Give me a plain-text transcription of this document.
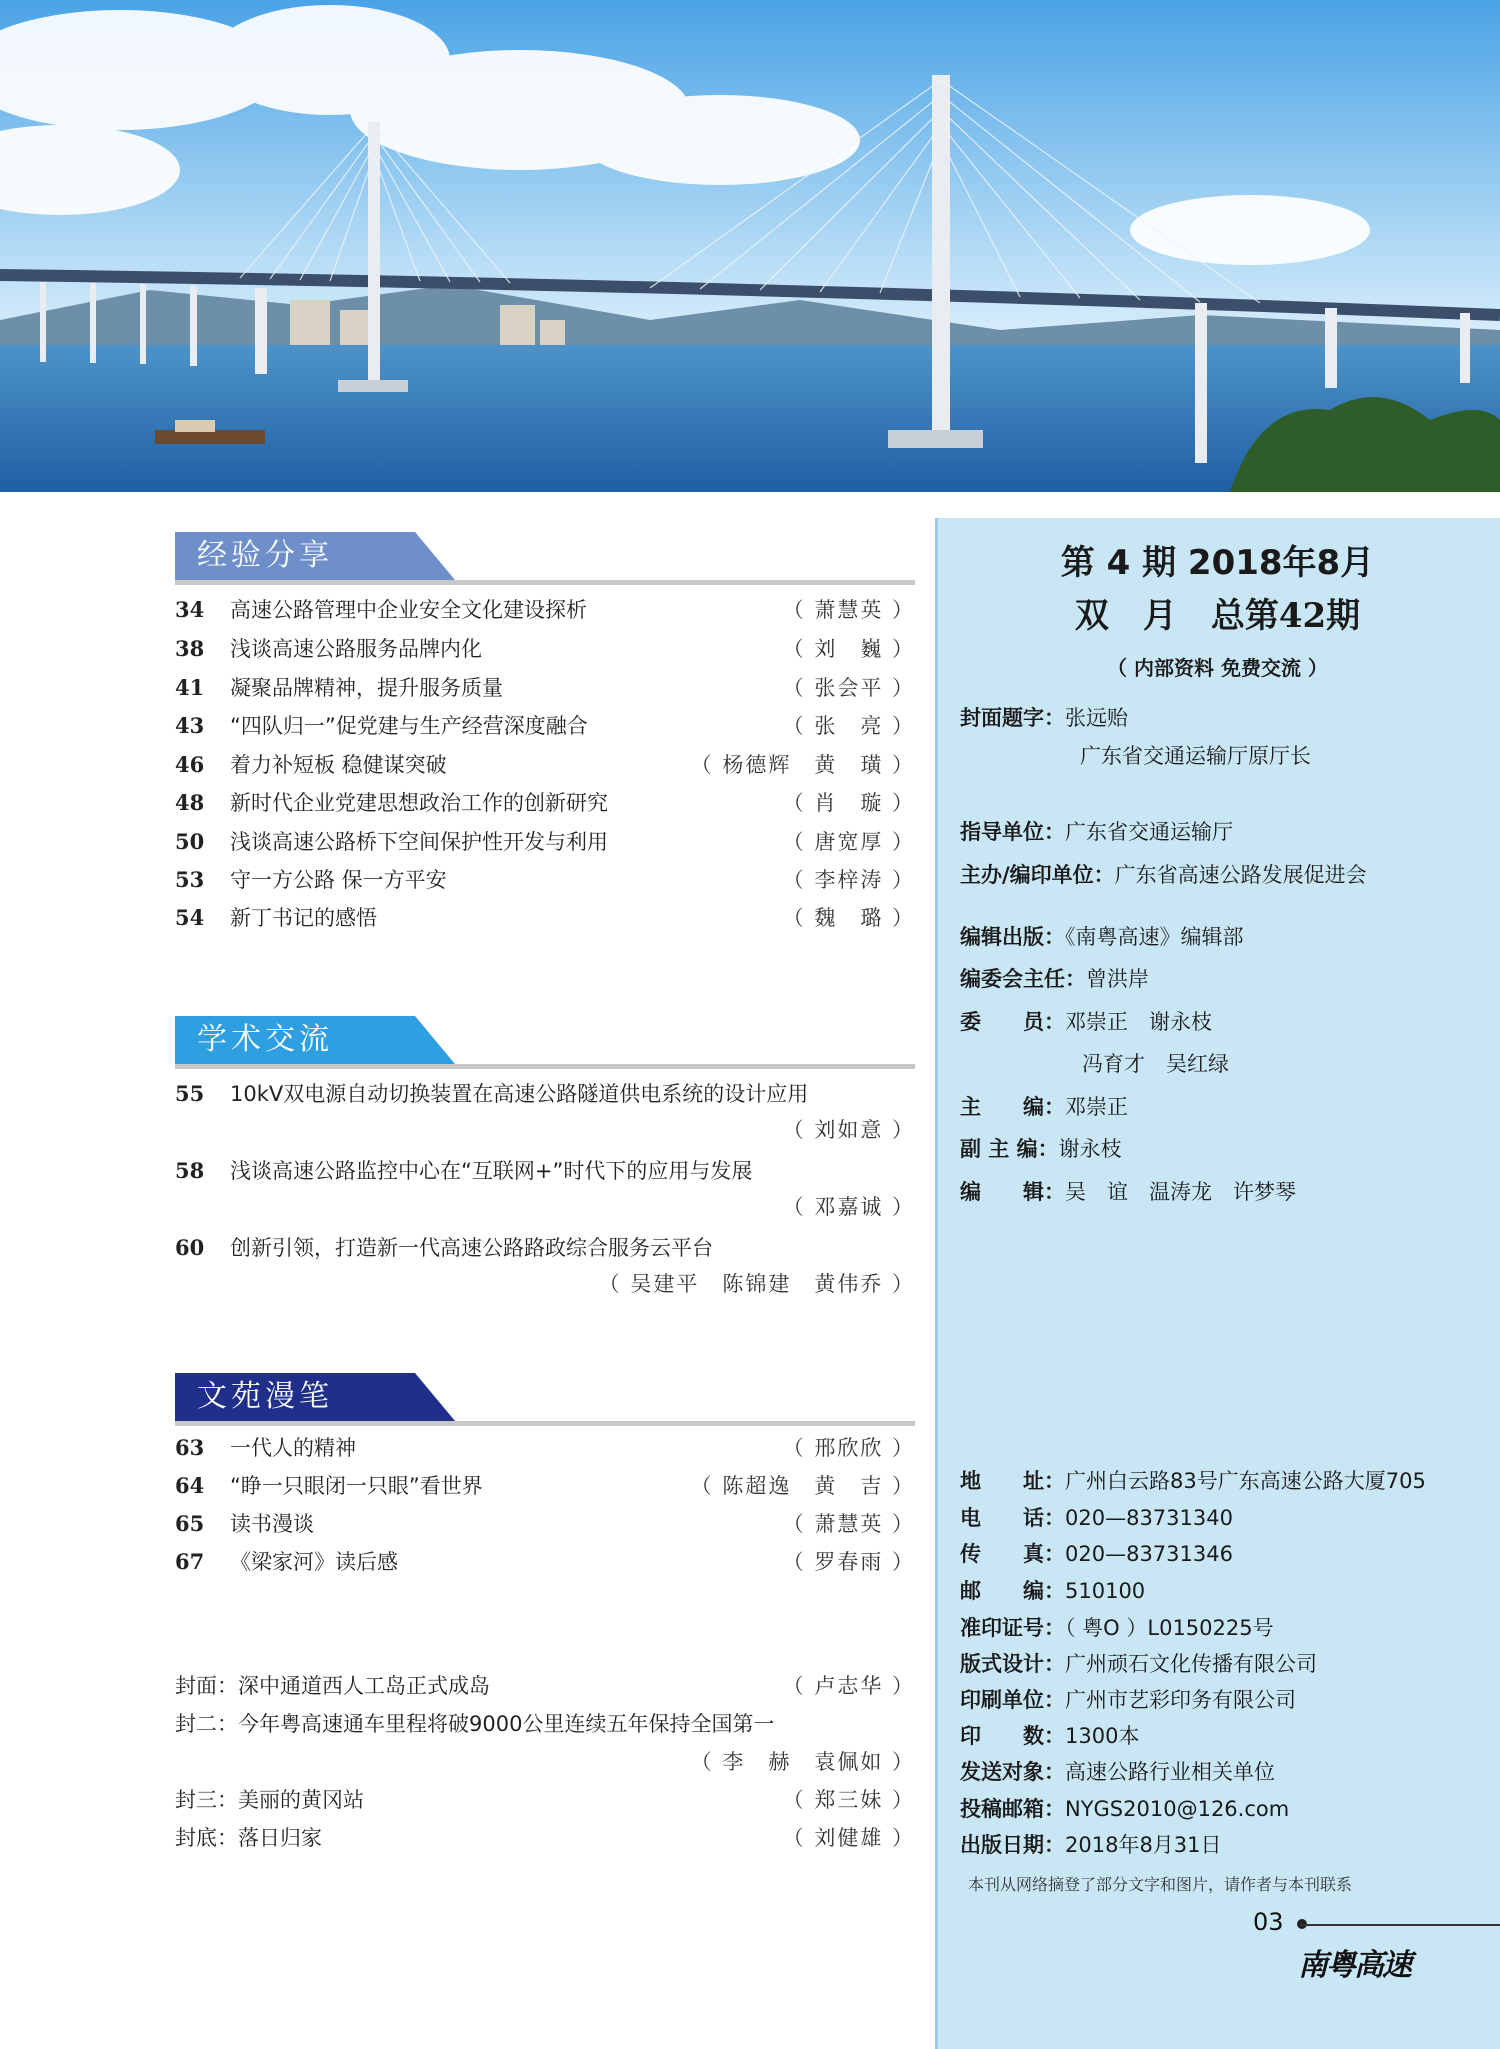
经验分享
34	高速公路管理中企业安全文化建设探析	（ 萧慧英 ）
38	浅谈高速公路服务品牌内化	（ 刘　巍 ）
41	凝聚品牌精神，提升服务质量	（ 张会平 ）
43	“四队归一”促党建与生产经营深度融合	（ 张　亮 ）
46	着力补短板 稳健谋突破	（ 杨德辉　黄　璜 ）
48	新时代企业党建思想政治工作的创新研究	（ 肖　璇 ）
50	浅谈高速公路桥下空间保护性开发与利用	（ 唐宽厚 ）
53	守一方公路 保一方平安	（ 李梓涛 ）
54	新丁书记的感悟	（ 魏　璐 ）
学术交流
55	10kV双电源自动切换装置在高速公路隧道供电系统的设计应用
（ 刘如意 ）
58	浅谈高速公路监控中心在“互联网+”时代下的应用与发展
（ 邓嘉诚 ）
60	创新引领，打造新一代高速公路路政综合服务云平台
（ 吴建平　陈锦建　黄伟乔 ）
文苑漫笔
63	一代人的精神	（ 邢欣欣 ）
64	“睁一只眼闭一只眼”看世界	（ 陈超逸　黄　吉 ）
65	读书漫谈	（ 萧慧英 ）
67	《梁家河》读后感	（ 罗春雨 ）
封面：深中通道西人工岛正式成岛	（ 卢志华 ）
封二：今年粤高速通车里程将破9000公里连续五年保持全国第一
（ 李　赫　袁佩如 ）
封三：美丽的黄冈站	（ 郑三妹 ）
封底：落日归家	（ 刘健雄 ）
第 4 期 2018年8月
双　月　总第42期
（ 内部资料 免费交流 ）
封面题字：张远贻
广东省交通运输厅原厅长
指导单位：广东省交通运输厅
主办/编印单位：广东省高速公路发展促进会
编辑出版：《南粤高速》编辑部
编委会主任：曾洪岸
委　　员：邓崇正　谢永枝
冯育才　吴红绿
主　　编：邓崇正
副 主 编：谢永枝
编　　辑：吴　谊　温涛龙　许梦琴
地　　址：广州白云路83号广东高速公路大厦705
电　　话：020—83731340
传　　真：020—83731346
邮　　编：510100
准印证号：（ 粤O ）L0150225号
版式设计：广州顽石文化传播有限公司
印刷单位：广州市艺彩印务有限公司
印　　数：1300本
发送对象：高速公路行业相关单位
投稿邮箱：NYGS2010@126.com
出版日期：2018年8月31日
本刊从网络摘登了部分文字和图片，请作者与本刊联系
03
南粤高速
